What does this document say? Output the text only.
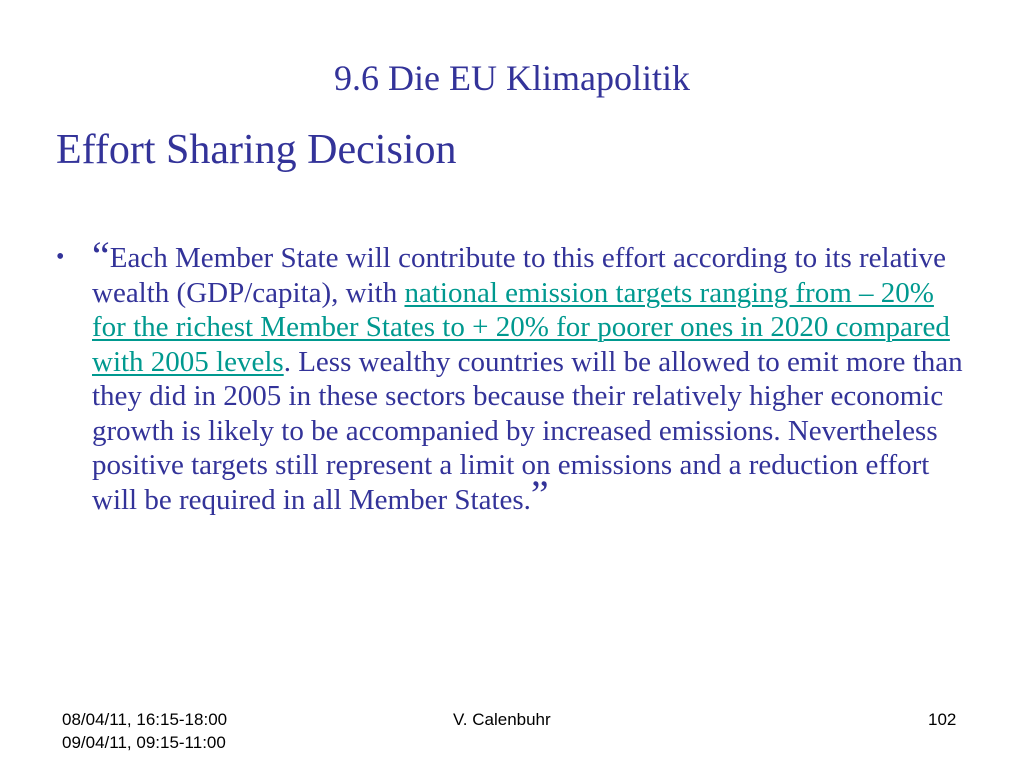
9.6 Die EU Klimapolitik
Effort Sharing Decision
• “Each Member State will contribute to this effort according to its relative wealth (GDP/capita), with national emission targets ranging from – 20% for the richest Member States to + 20% for poorer ones in 2020 compared with 2005 levels. Less wealthy countries will be allowed to emit more than they did in 2005 in these sectors because their relatively higher economic growth is likely to be accompanied by increased emissions. Nevertheless positive targets still represent a limit on emissions and a reduction effort will be required in all Member States.”
08/04/11, 16:15-18:00
09/04/11, 09:15-11:00
V. Calenbuhr	102
